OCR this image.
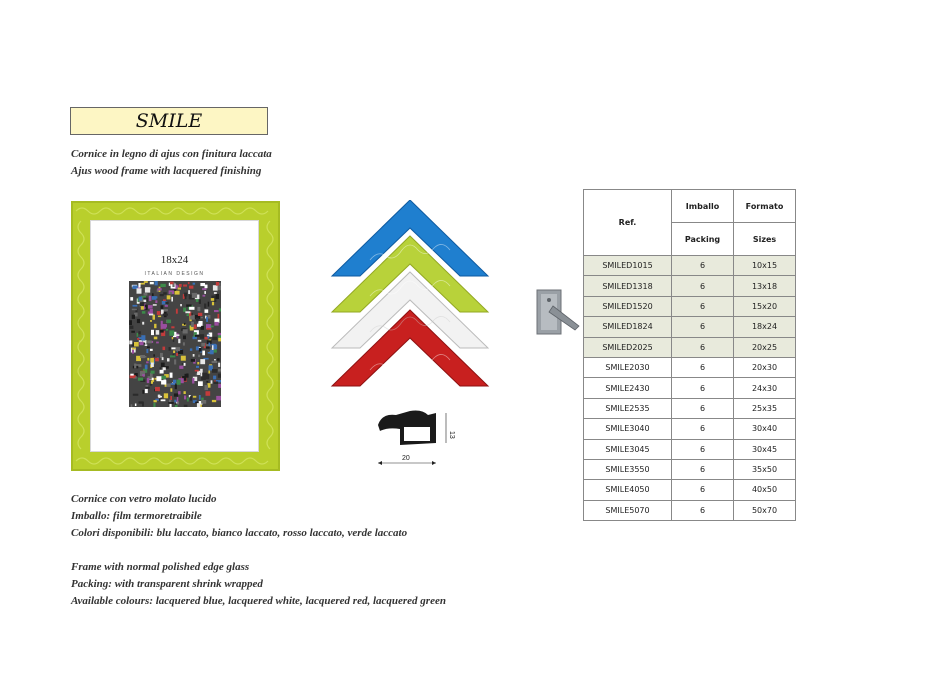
SMILE
Cornice in legno di ajus con finitura laccata
Ajus wood frame with lacquered finishing
18x24
ITALIAN DESIGN
13
20
Ref.	Imballo	Formato
	Packing	Sizes
SMILED1015	6	10x15
SMILED1318	6	13x18
SMILED1520	6	15x20
SMILED1824	6	18x24
SMILED2025	6	20x25
SMILE2030	6	20x30
SMILE2430	6	24x30
SMILE2535	6	25x35
SMILE3040	6	30x40
SMILE3045	6	30x45
SMILE3550	6	35x50
SMILE4050	6	40x50
SMILE5070	6	50x70
Cornice con vetro molato lucido
Imballo: film termoretraibile
Colori disponibili: blu laccato, bianco laccato, rosso laccato, verde laccato
Frame with normal polished edge glass
Packing: with transparent shrink wrapped
Available colours: lacquered blue, lacquered white, lacquered red, lacquered green
